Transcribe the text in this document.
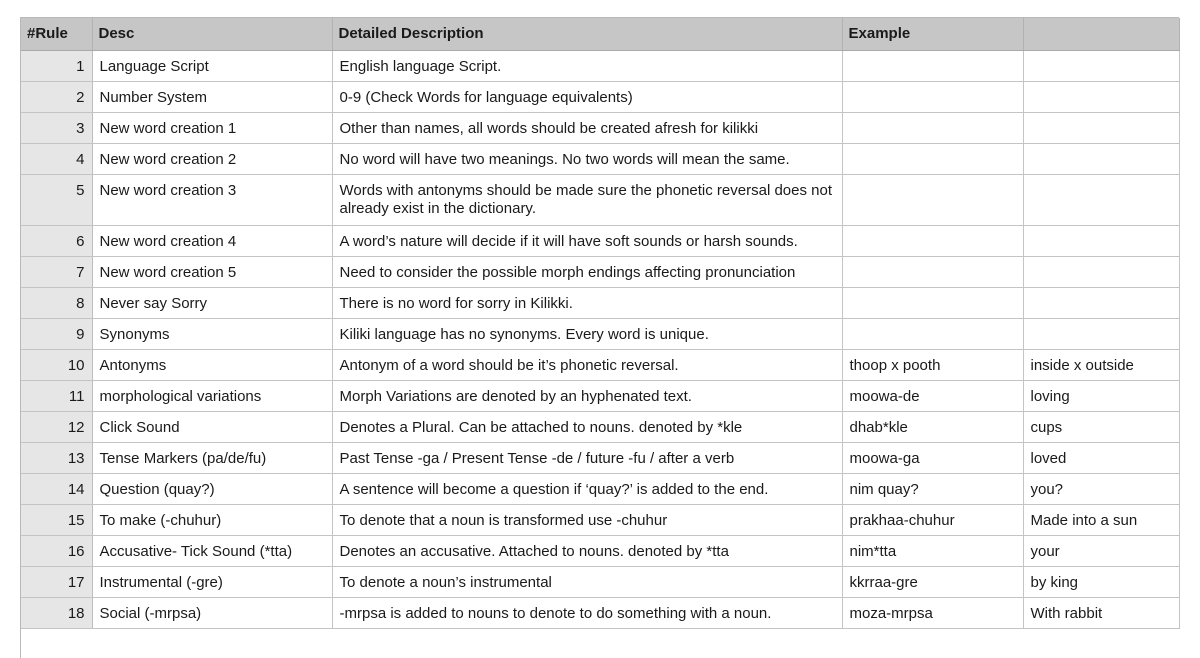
#Rule	Desc	Detailed Description	Example	
1	Language Script	English language Script.		
2	Number System	0-9 (Check Words for language equivalents)		
3	New word creation 1	Other than names, all words should be created afresh for kilikki		
4	New word creation 2	No word will have two meanings. No two words will mean the same.		
5	New word creation 3	Words with antonyms should be made sure the phonetic reversal does not already exist in the dictionary.		
6	New word creation 4	A word’s nature will decide if it will have soft sounds or harsh sounds.		
7	New word creation 5	Need to consider the possible morph endings affecting pronunciation		
8	Never say Sorry	There is no word for sorry in Kilikki.		
9	Synonyms	Kiliki language has no synonyms. Every word is unique.		
10	Antonyms	Antonym of a word should be it’s phonetic reversal.	thoop x pooth	inside x outside
11	morphological variations	Morph Variations are denoted by an hyphenated text.	moowa-de	loving
12	Click Sound	Denotes a Plural. Can be attached to nouns. denoted by *kle	dhab*kle	cups
13	Tense Markers (pa/de/fu)	Past Tense -ga / Present Tense -de / future -fu / after a verb	moowa-ga	loved
14	Question (quay?)	A sentence will become a question if ‘quay?’ is added to the end.	nim quay?	you?
15	To make (-chuhur)	To denote that a noun is transformed use -chuhur	prakhaa-chuhur	Made into a sun
16	Accusative- Tick Sound (*tta)	Denotes an accusative. Attached to nouns. denoted by *tta	nim*tta	your
17	Instrumental (-gre)	To denote a noun’s instrumental	kkrraa-gre	by king
18	Social (-mrpsa)	-mrpsa is added to nouns to denote to do something with a noun.	moza-mrpsa	With rabbit
